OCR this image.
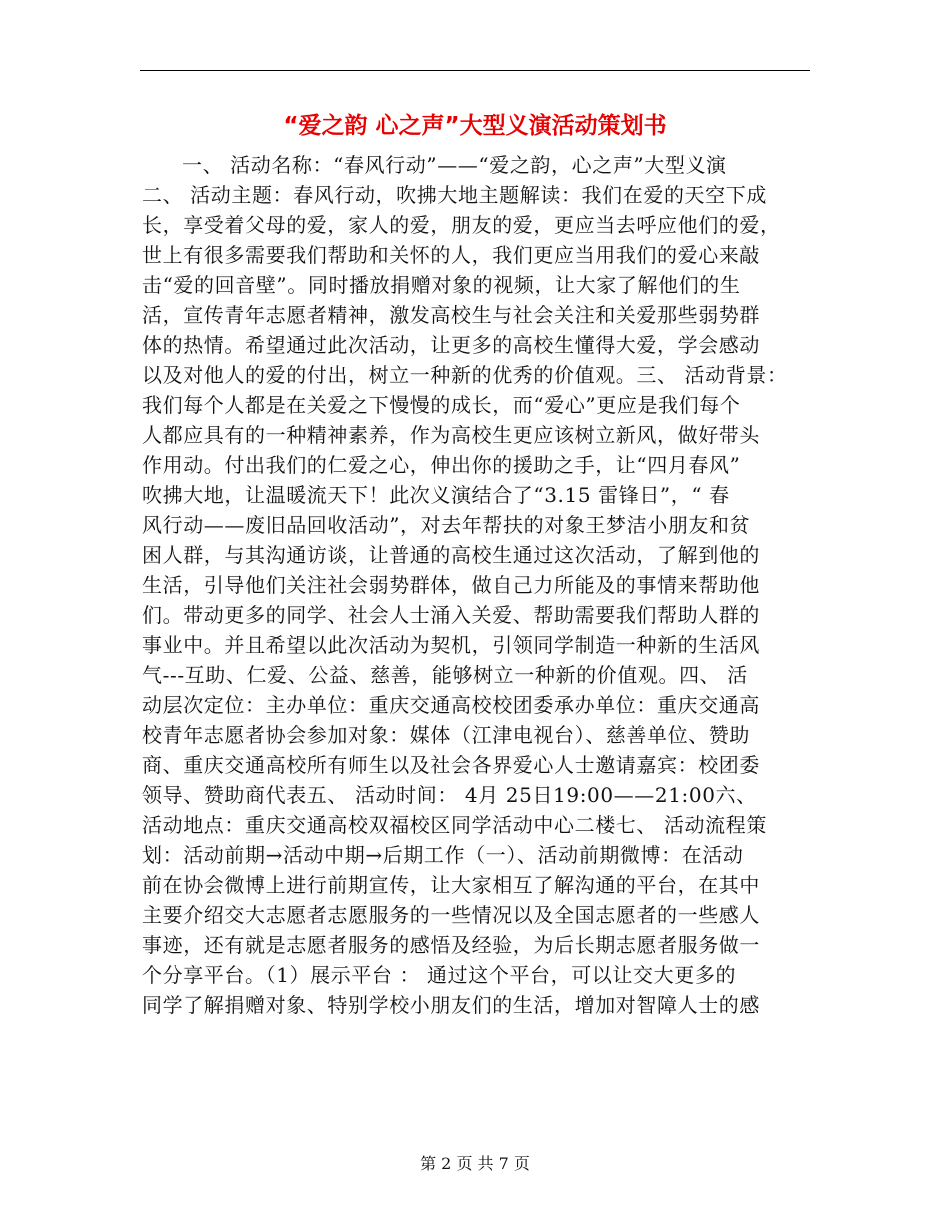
“爱之韵 心之声”大型义演活动策划书
一、 活动名称：“春风行动”——“爱之韵，心之声”大型义演
二、 活动主题：春风行动，吹拂大地主题解读：我们在爱的天空下成
长，享受着父母的爱，家人的爱，朋友的爱，更应当去呼应他们的爱，
世上有很多需要我们帮助和关怀的人，我们更应当用我们的爱心来敲
击“爱的回音壁”。同时播放捐赠对象的视频，让大家了解他们的生
活，宣传青年志愿者精神，激发高校生与社会关注和关爱那些弱势群
体的热情。希望通过此次活动，让更多的高校生懂得大爱，学会感动
以及对他人的爱的付出，树立一种新的优秀的价值观。三、 活动背景：
我们每个人都是在关爱之下慢慢的成长，而“爱心”更应是我们每个
人都应具有的一种精神素养，作为高校生更应该树立新风，做好带头
作用动。付出我们的仁爱之心，伸出你的援助之手，让“四月春风”
吹拂大地，让温暖流天下！此次义演结合了“3.15 雷锋日”，“ 春
风行动——废旧品回收活动”，对去年帮扶的对象王梦洁小朋友和贫
困人群，与其沟通访谈，让普通的高校生通过这次活动，了解到他的
生活，引导他们关注社会弱势群体，做自己力所能及的事情来帮助他
们。带动更多的同学、社会人士涌入关爱、帮助需要我们帮助人群的
事业中。并且希望以此次活动为契机，引领同学制造一种新的生活风
气---互助、仁爱、公益、慈善，能够树立一种新的价值观。四、 活
动层次定位：主办单位：重庆交通高校校团委承办单位：重庆交通高
校青年志愿者协会参加对象：媒体（江津电视台）、慈善单位、赞助
商、重庆交通高校所有师生以及社会各界爱心人士邀请嘉宾：校团委
领导、赞助商代表五、 活动时间： 4月 25日19:00——21:00六、
活动地点：重庆交通高校双福校区同学活动中心二楼七、 活动流程策
划：活动前期→活动中期→后期工作（一）、活动前期微博：在活动
前在协会微博上进行前期宣传，让大家相互了解沟通的平台，在其中
主要介绍交大志愿者志愿服务的一些情况以及全国志愿者的一些感人
事迹，还有就是志愿者服务的感悟及经验，为后长期志愿者服务做一
个分享平台。（1）展示平台 ： 通过这个平台，可以让交大更多的
同学了解捐赠对象、特别学校小朋友们的生活，增加对智障人士的感
第 2 页 共 7 页
